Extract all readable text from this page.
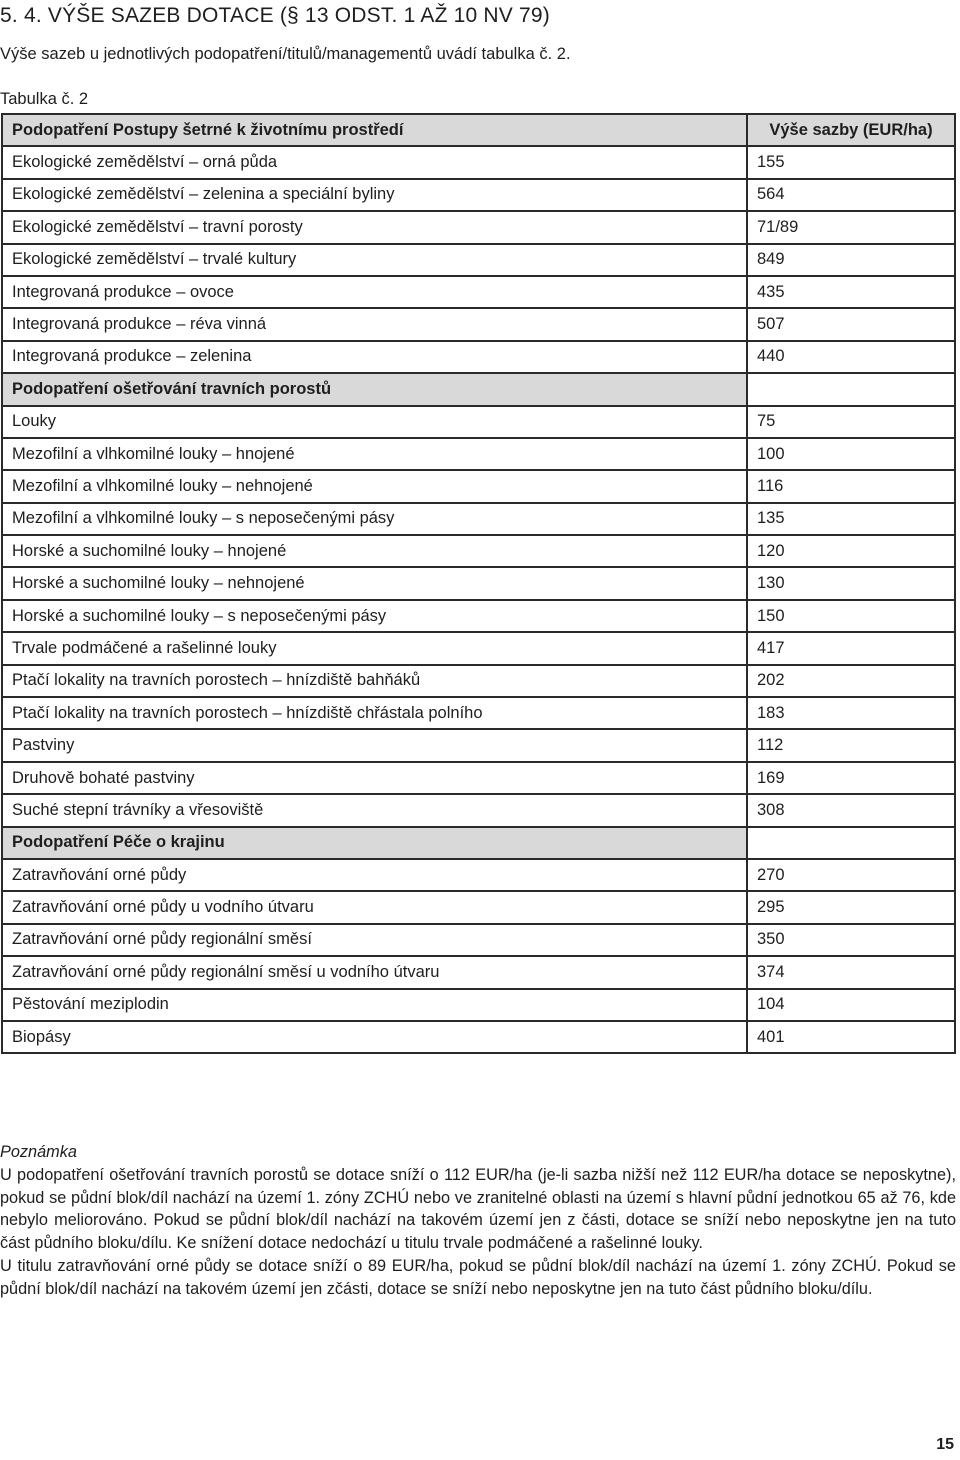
5. 4. VÝŠE SAZEB DOTACE (§ 13 ODST. 1 AŽ 10 NV 79)

Výše sazeb u jednotlivých podopatření/titulů/managementů uvádí tabulka č. 2.

Tabulka č. 2

Podopatření Postupy šetrné k životnímu prostředí	Výše sazby (EUR/ha)
Ekologické zemědělství – orná půda	155
Ekologické zemědělství – zelenina a speciální byliny	564
Ekologické zemědělství – travní porosty	71/89
Ekologické zemědělství – trvalé kultury	849
Integrovaná produkce – ovoce	435
Integrovaná produkce – réva vinná	507
Integrovaná produkce – zelenina	440
Podopatření ošetřování travních porostů	
Louky	75
Mezofilní a vlhkomilné louky – hnojené	100
Mezofilní a vlhkomilné louky – nehnojené	116
Mezofilní a vlhkomilné louky – s neposečenými pásy	135
Horské a suchomilné louky – hnojené	120
Horské a suchomilné louky – nehnojené	130
Horské a suchomilné louky – s neposečenými pásy	150
Trvale podmáčené a rašelinné louky	417
Ptačí lokality na travních porostech – hnízdiště bahňáků	202
Ptačí lokality na travních porostech – hnízdiště chřástala polního	183
Pastviny	112
Druhově bohaté pastviny	169
Suché stepní trávníky a vřesoviště	308
Podopatření Péče o krajinu	
Zatravňování orné půdy	270
Zatravňování orné půdy u vodního útvaru	295
Zatravňování orné půdy regionální směsí	350
Zatravňování orné půdy regionální směsí u vodního útvaru	374
Pěstování meziplodin	104
Biopásy	401

Poznámka

U podopatření ošetřování travních porostů se dotace sníží o 112 EUR/ha (je-li sazba nižší než 112 EUR/ha dotace se neposkytne), pokud se půdní blok/díl nachází na území 1. zóny ZCHÚ nebo ve zranitelné oblasti na území s hlavní půdní jednotkou 65 až 76, kde nebylo meliorováno. Pokud se půdní blok/díl nachází na takovém území jen z části, dotace se sníží nebo neposkytne jen na tuto část půdního bloku/dílu. Ke snížení dotace nedochází u titulu trvale podmáčené a rašelinné louky.

U titulu zatravňování orné půdy se dotace sníží o 89 EUR/ha, pokud se půdní blok/díl nachází na území 1. zóny ZCHÚ. Pokud se půdní blok/díl nachází na takovém území jen zčásti, dotace se sníží nebo neposkytne jen na tuto část půdního bloku/dílu.

15
